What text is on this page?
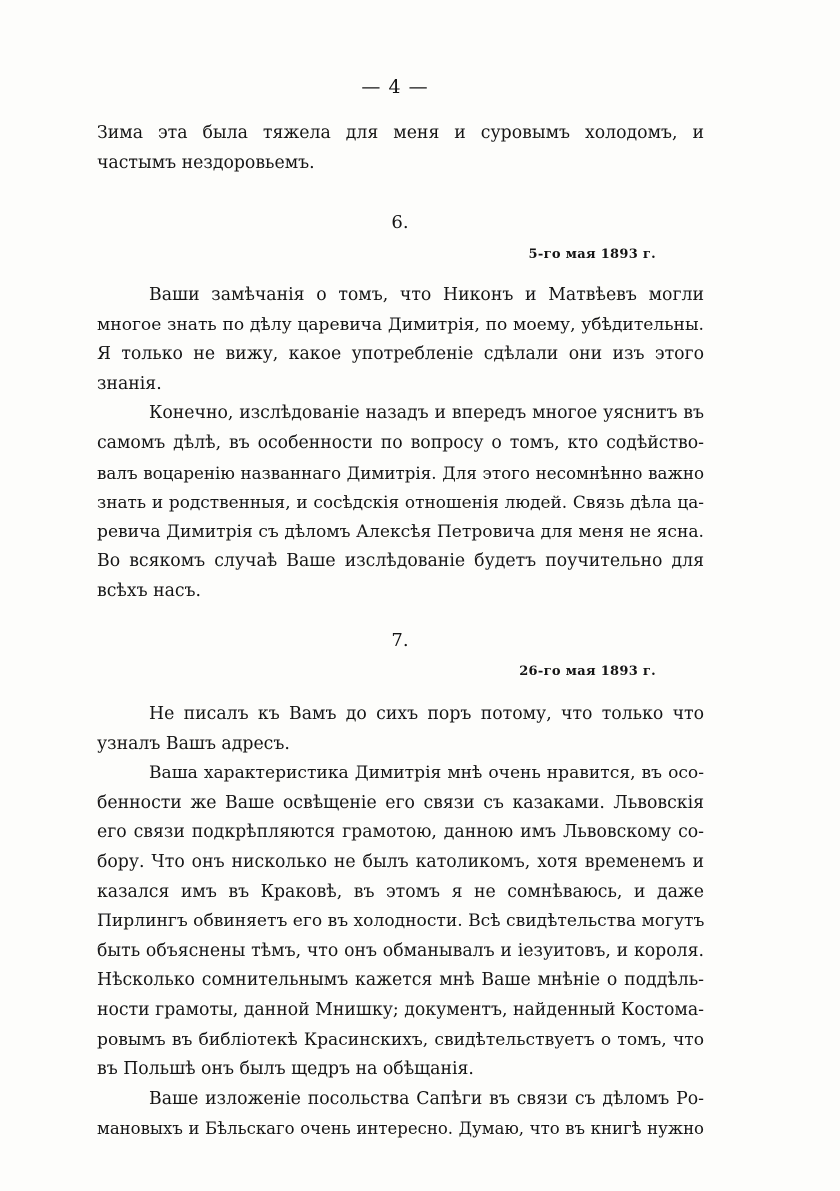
— 4 —
Зима эта была тяжела для меня и суровымъ холодомъ, и
частымъ нездоровьемъ.
6.
5-го мая 1893 г.
Ваши замѣчанія о томъ, что Никонъ и Матвѣевъ могли
многое знать по дѣлу царевича Димитрія, по моему, убѣдительны.
Я только не вижу, какое употребленіе сдѣлали они изъ этого
знанія.
Конечно, изслѣдованіе назадъ и впередъ многое уяснитъ въ
самомъ дѣлѣ, въ особенности по вопросу о томъ, кто содѣйство-
валъ воцаренію названнаго Димитрія. Для этого несомнѣнно важно
знать и родственныя, и сосѣдскія отношенія людей. Связь дѣла ца-
ревича Димитрія съ дѣломъ Алексѣя Петровича для меня не ясна.
Во всякомъ случаѣ Ваше изслѣдованіе будетъ поучительно для
всѣхъ насъ.
7.
26-го мая 1893 г.
Не писалъ къ Вамъ до сихъ поръ потому, что только что
узналъ Вашъ адресъ.
Ваша характеристика Димитрія мнѣ очень нравится, въ осо-
бенности же Ваше освѣщеніе его связи съ казаками. Львовскія
его связи подкрѣпляются грамотою, данною имъ Львовскому со-
бору. Что онъ нисколько не былъ католикомъ, хотя временемъ и
казался имъ въ Краковѣ, въ этомъ я не сомнѣваюсь, и даже
Пирлингъ обвиняетъ его въ холодности. Всѣ свидѣтельства могутъ
быть объяснены тѣмъ, что онъ обманывалъ и іезуитовъ, и короля.
Нѣсколько сомнительнымъ кажется мнѣ Ваше мнѣніе о поддѣль-
ности грамоты, данной Мнишку; документъ, найденный Костома-
ровымъ въ библіотекѣ Красинскихъ, свидѣтельствуетъ о томъ, что
въ Польшѣ онъ былъ щедръ на обѣщанія.
Ваше изложеніе посольства Сапѣги въ связи съ дѣломъ Ро-
мановыхъ и Бѣльскаго очень интересно. Думаю, что въ книгѣ нужно
